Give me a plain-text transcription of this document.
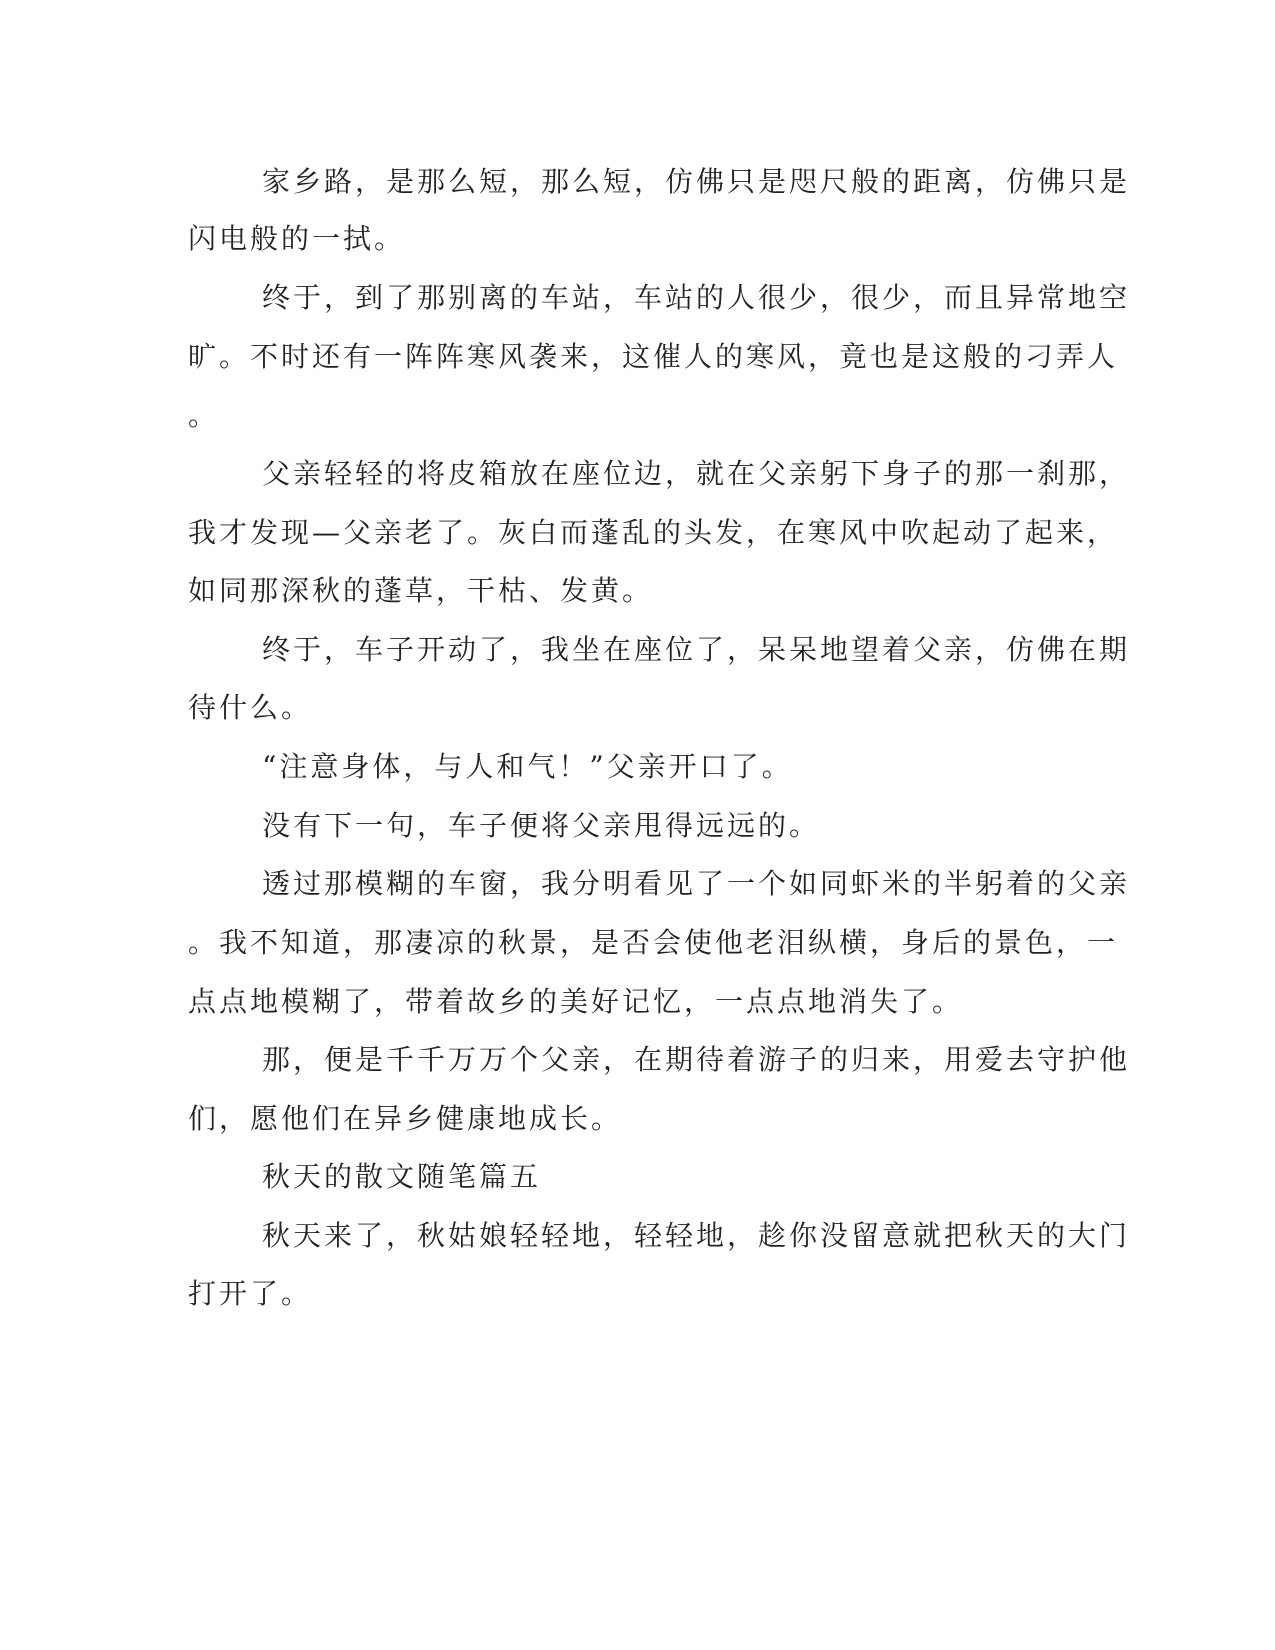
家乡路，是那么短，那么短，仿佛只是咫尺般的距离，仿佛只是
闪电般的一拭。
终于，到了那别离的车站，车站的人很少，很少，而且异常地空
旷。不时还有一阵阵寒风袭来，这催人的寒风，竟也是这般的刁弄人
。
父亲轻轻的将皮箱放在座位边，就在父亲躬下身子的那一刹那，
我才发现—父亲老了。灰白而蓬乱的头发，在寒风中吹起动了起来，
如同那深秋的蓬草，干枯、发黄。
终于，车子开动了，我坐在座位了，呆呆地望着父亲，仿佛在期
待什么。
“注意身体，与人和气！”父亲开口了。
没有下一句，车子便将父亲甩得远远的。
透过那模糊的车窗，我分明看见了一个如同虾米的半躬着的父亲
。我不知道，那凄凉的秋景，是否会使他老泪纵横，身后的景色，一
点点地模糊了，带着故乡的美好记忆，一点点地消失了。
那，便是千千万万个父亲，在期待着游子的归来，用爱去守护他
们，愿他们在异乡健康地成长。
秋天的散文随笔篇五
秋天来了，秋姑娘轻轻地，轻轻地，趁你没留意就把秋天的大门
打开了。
